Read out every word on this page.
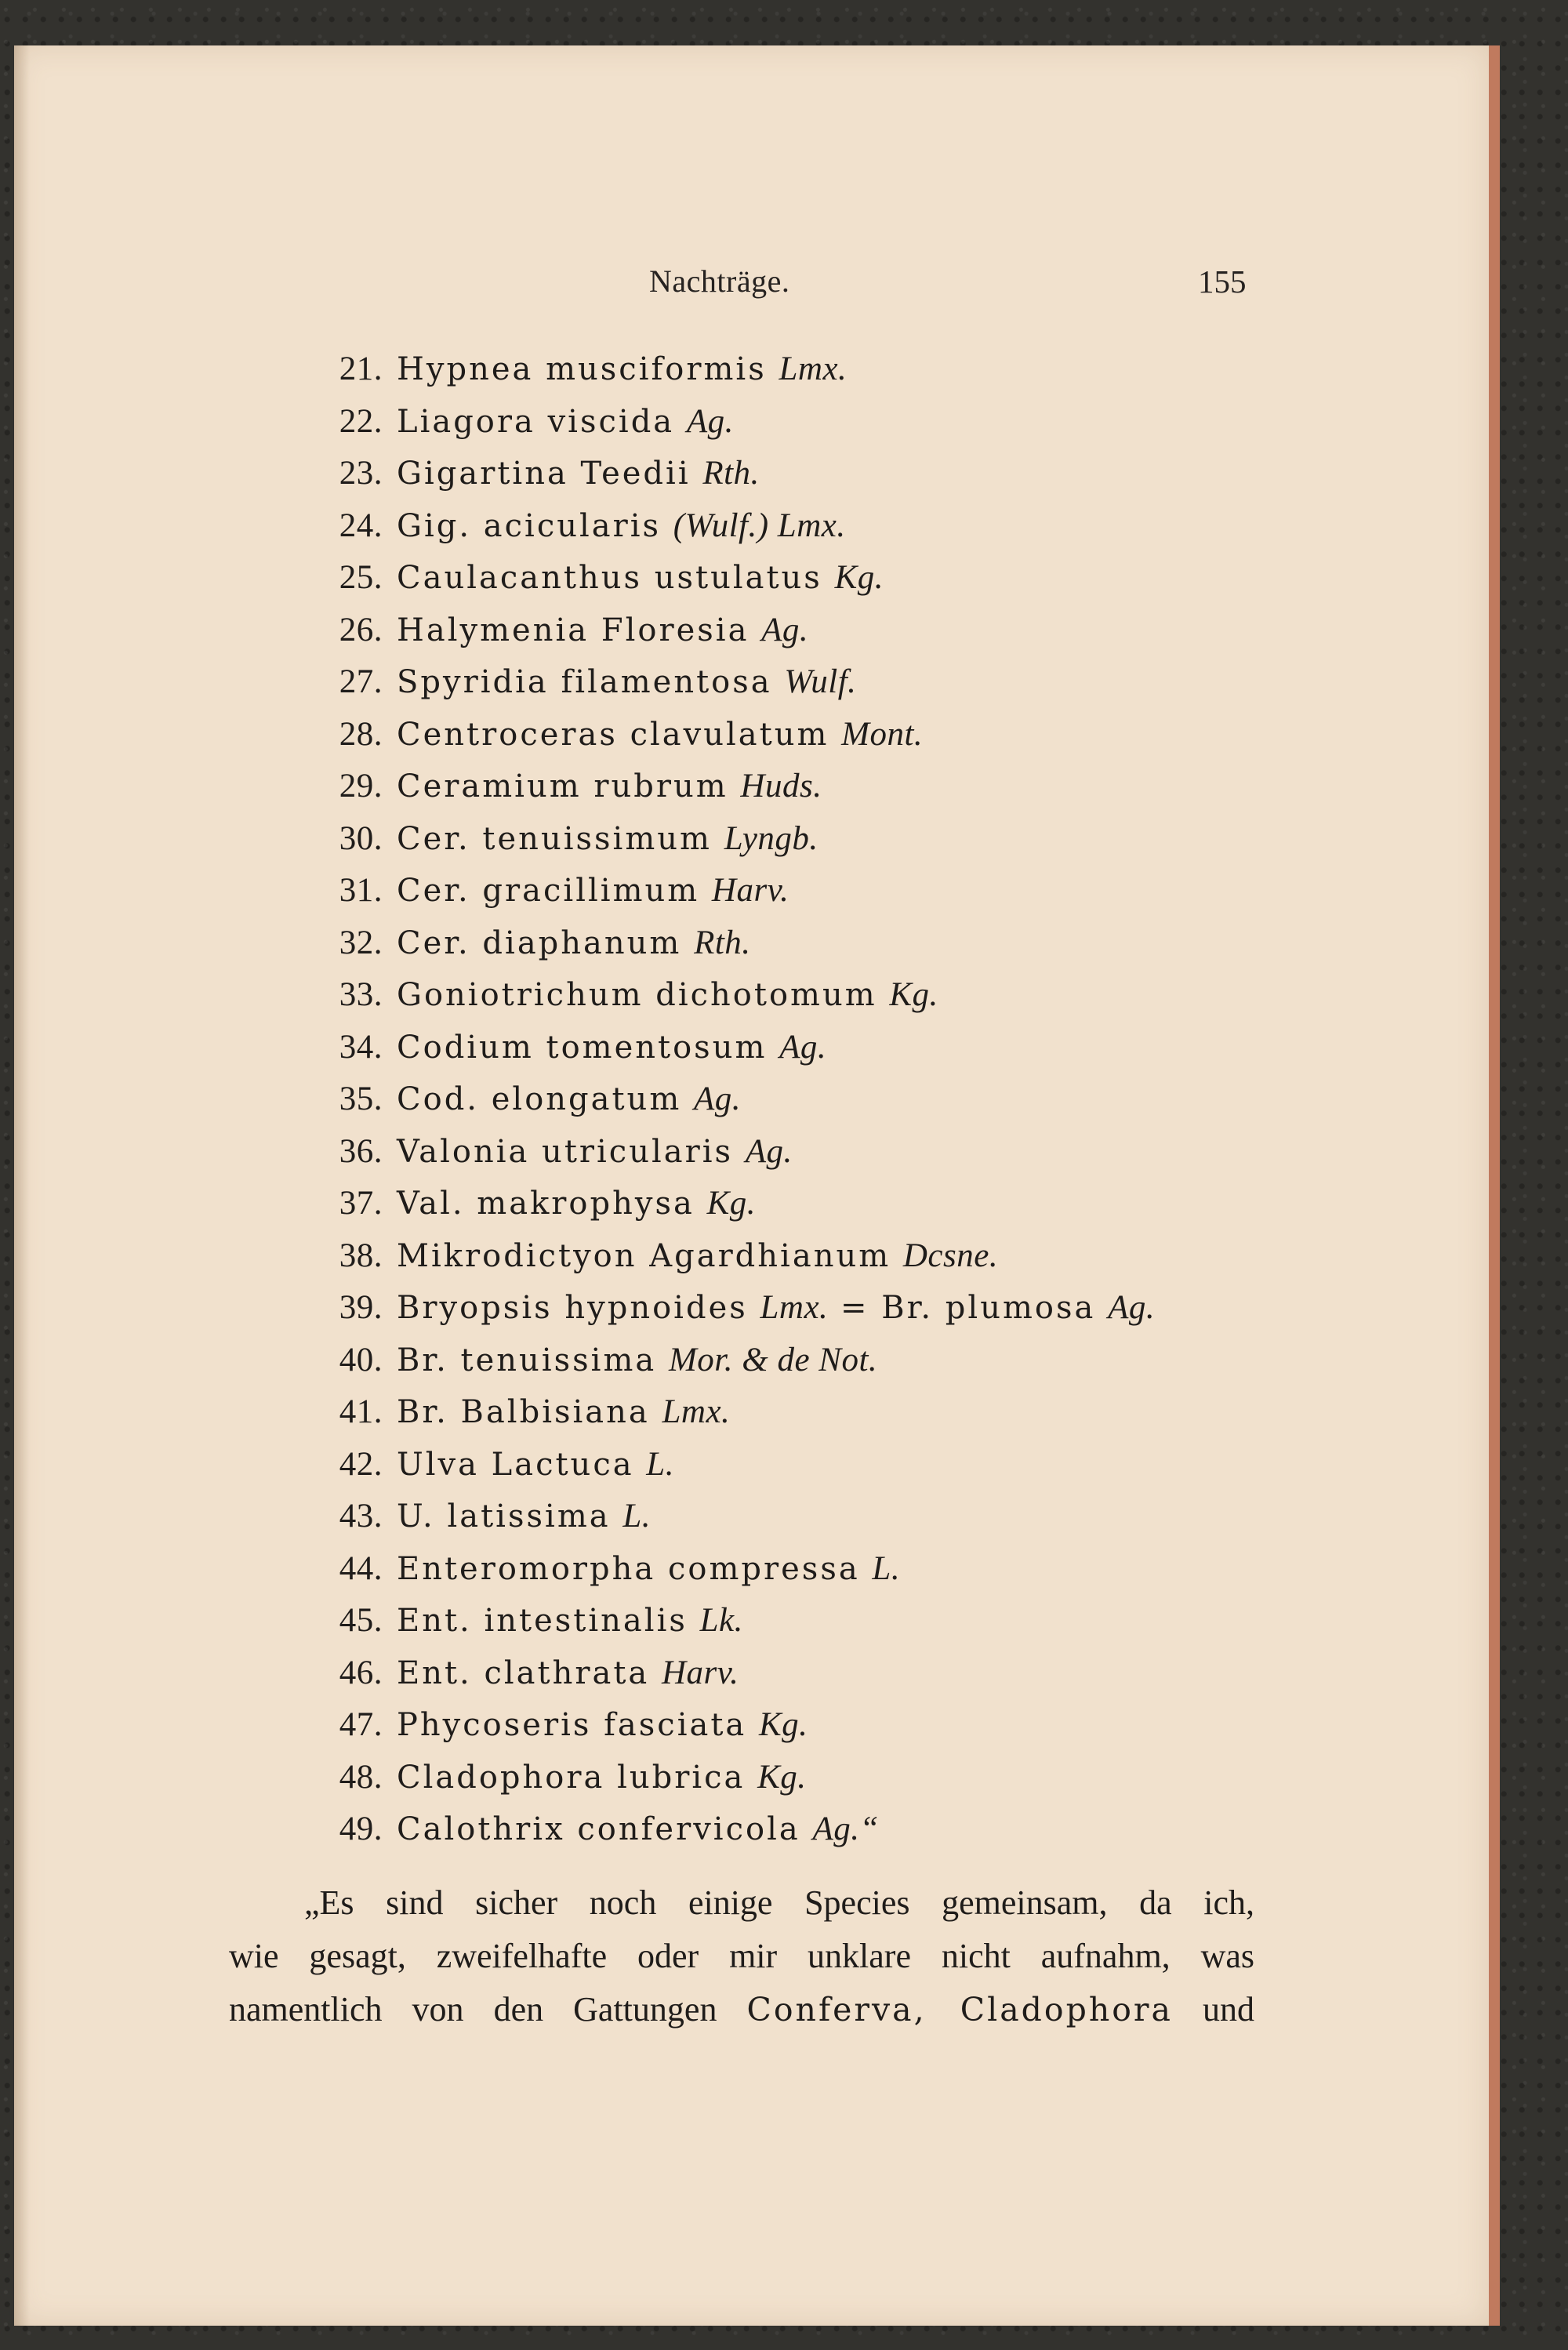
Nachträge.	155
21. Hypnea musciformis Lmx.
22. Liagora viscida Ag.
23. Gigartina Teedii Rth.
24. Gig. acicularis (Wulf.) Lmx.
25. Caulacanthus ustulatus Kg.
26. Halymenia Floresia Ag.
27. Spyridia filamentosa Wulf.
28. Centroceras clavulatum Mont.
29. Ceramium rubrum Huds.
30. Cer. tenuissimum Lyngb.
31. Cer. gracillimum Harv.
32. Cer. diaphanum Rth.
33. Goniotrichum dichotomum Kg.
34. Codium tomentosum Ag.
35. Cod. elongatum Ag.
36. Valonia utricularis Ag.
37. Val. makrophysa Kg.
38. Mikrodictyon Agardhianum Dcsne.
39. Bryopsis hypnoides Lmx. = Br. plumosa Ag.
40. Br. tenuissima Mor. & de Not.
41. Br. Balbisiana Lmx.
42. Ulva Lactuca L.
43. U. latissima L.
44. Enteromorpha compressa L.
45. Ent. intestinalis Lk.
46. Ent. clathrata Harv.
47. Phycoseris fasciata Kg.
48. Cladophora lubrica Kg.
49. Calothrix confervicola Ag.“

„Es sind sicher noch einige Species gemeinsam, da ich,
wie gesagt, zweifelhafte oder mir unklare nicht aufnahm, was
namentlich von den Gattungen Conferva, Cladophora und
